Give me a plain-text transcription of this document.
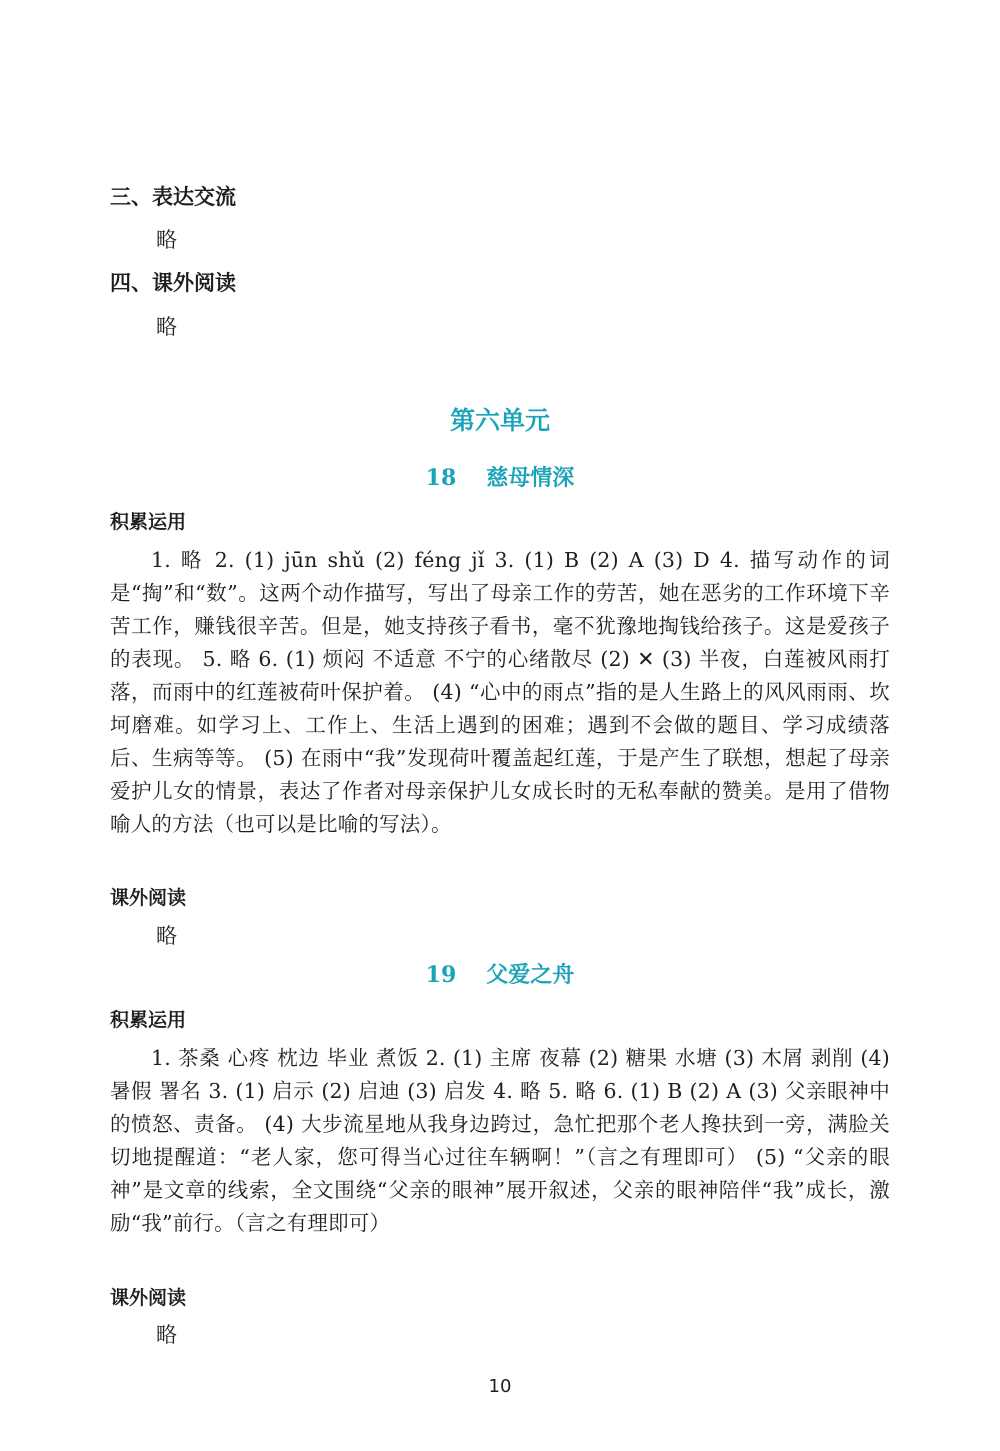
三、表达交流

略

四、课外阅读

略

第六单元
18 慈母情深
积累运用

1. 略 2. (1) jūn shǔ (2) féng jǐ 3. (1) B (2) A (3) D 4. 描写动作的词是“掏”和“数”。这两个动作描写，写出了母亲工作的劳苦，她在恶劣的工作环境下辛苦工作，赚钱很辛苦。但是，她支持孩子看书，毫不犹豫地掏钱给孩子。这是爱孩子的表现。 5. 略 6. (1) 烦闷 不适意 不宁的心绪散尽 (2) ✕ (3) 半夜，白莲被风雨打落，而雨中的红莲被荷叶保护着。 (4) “心中的雨点”指的是人生路上的风风雨雨、坎坷磨难。如学习上、工作上、生活上遇到的困难；遇到不会做的题目、学习成绩落后、生病等等。 (5) 在雨中“我”发现荷叶覆盖起红莲，于是产生了联想，想起了母亲爱护儿女的情景，表达了作者对母亲保护儿女成长时的无私奉献的赞美。是用了借物喻人的方法（也可以是比喻的写法）。

课外阅读

略

19 父爱之舟
积累运用

1. 茶桑 心疼 枕边 毕业 煮饭 2. (1) 主席 夜幕 (2) 糖果 水塘 (3) 木屑 剥削 (4) 暑假 署名 3. (1) 启示 (2) 启迪 (3) 启发 4. 略 5. 略 6. (1) B (2) A (3) 父亲眼神中的愤怒、责备。 (4) 大步流星地从我身边跨过，急忙把那个老人搀扶到一旁，满脸关切地提醒道：“老人家，您可得当心过往车辆啊！”（言之有理即可） (5) “父亲的眼神”是文章的线索，全文围绕“父亲的眼神”展开叙述，父亲的眼神陪伴“我”成长，激励“我”前行。（言之有理即可）

课外阅读

略

10
